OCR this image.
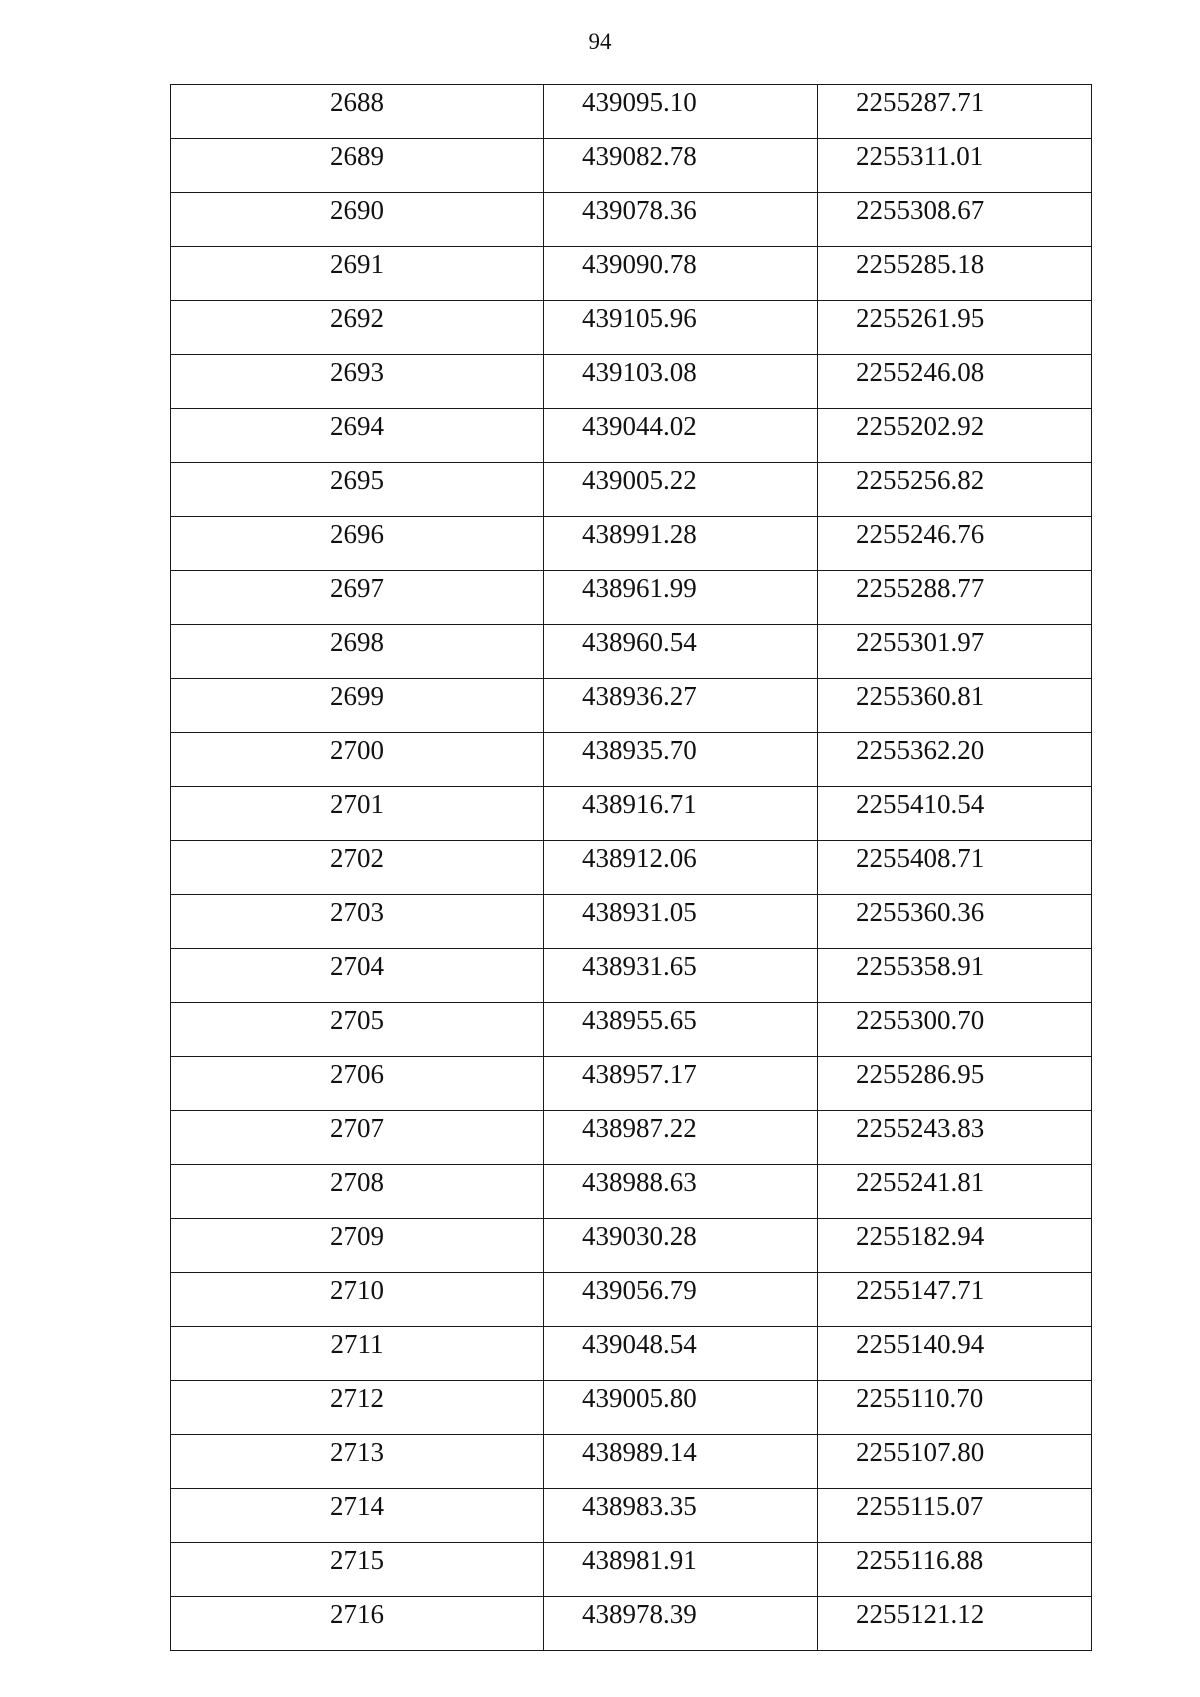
94
2688	439095.10	2255287.71
2689	439082.78	2255311.01
2690	439078.36	2255308.67
2691	439090.78	2255285.18
2692	439105.96	2255261.95
2693	439103.08	2255246.08
2694	439044.02	2255202.92
2695	439005.22	2255256.82
2696	438991.28	2255246.76
2697	438961.99	2255288.77
2698	438960.54	2255301.97
2699	438936.27	2255360.81
2700	438935.70	2255362.20
2701	438916.71	2255410.54
2702	438912.06	2255408.71
2703	438931.05	2255360.36
2704	438931.65	2255358.91
2705	438955.65	2255300.70
2706	438957.17	2255286.95
2707	438987.22	2255243.83
2708	438988.63	2255241.81
2709	439030.28	2255182.94
2710	439056.79	2255147.71
2711	439048.54	2255140.94
2712	439005.80	2255110.70
2713	438989.14	2255107.80
2714	438983.35	2255115.07
2715	438981.91	2255116.88
2716	438978.39	2255121.12
